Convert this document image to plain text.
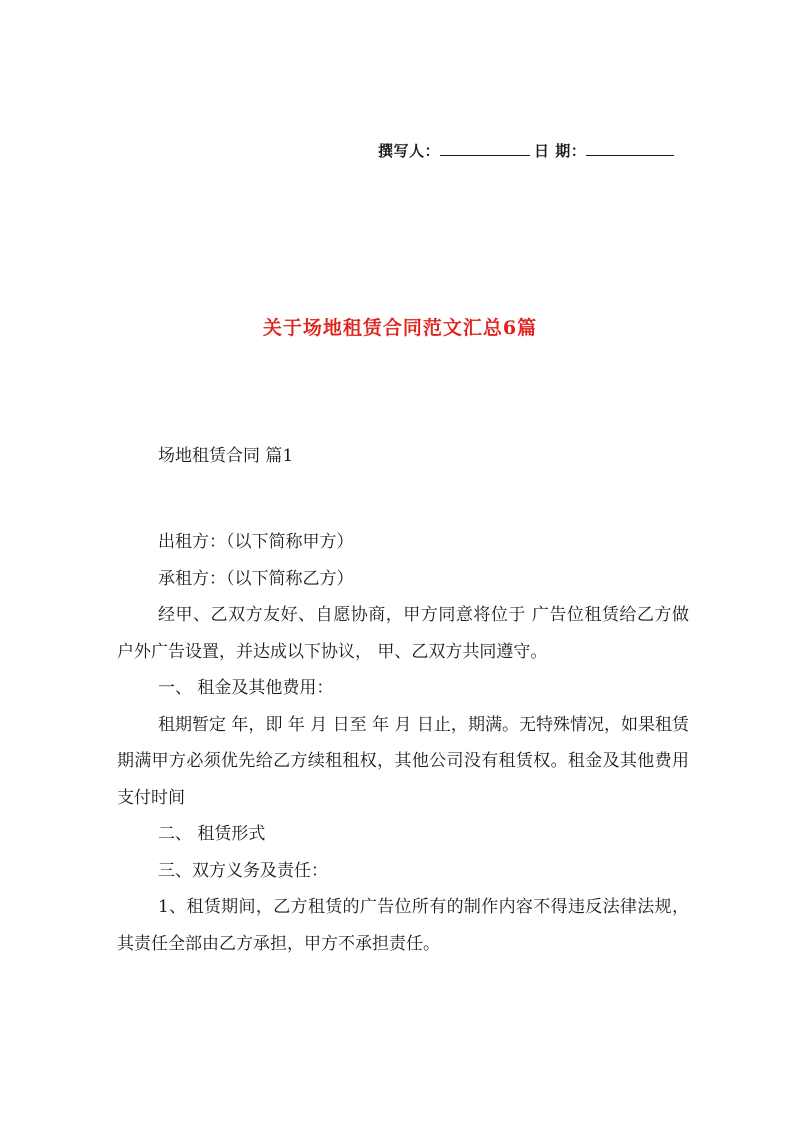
撰写人：	日 期：
关于场地租赁合同范文汇总6篇
场地租赁合同 篇1

出租方：（以下简称甲方）

承租方：（以下简称乙方）

经甲、乙双方友好、自愿协商，甲方同意将位于 广告位租赁给乙方做户外广告设置，并达成以下协议， 甲、乙双方共同遵守。

一、 租金及其他费用：

租期暂定 年，即 年 月 日至 年 月 日止，期满。无特殊情况，如果租赁期满甲方必须优先给乙方续租租权，其他公司没有租赁权。租金及其他费用支付时间

二、 租赁形式

三、双方义务及责任：

1、租赁期间，乙方租赁的广告位所有的制作内容不得违反法律法规，其责任全部由乙方承担，甲方不承担责任。
